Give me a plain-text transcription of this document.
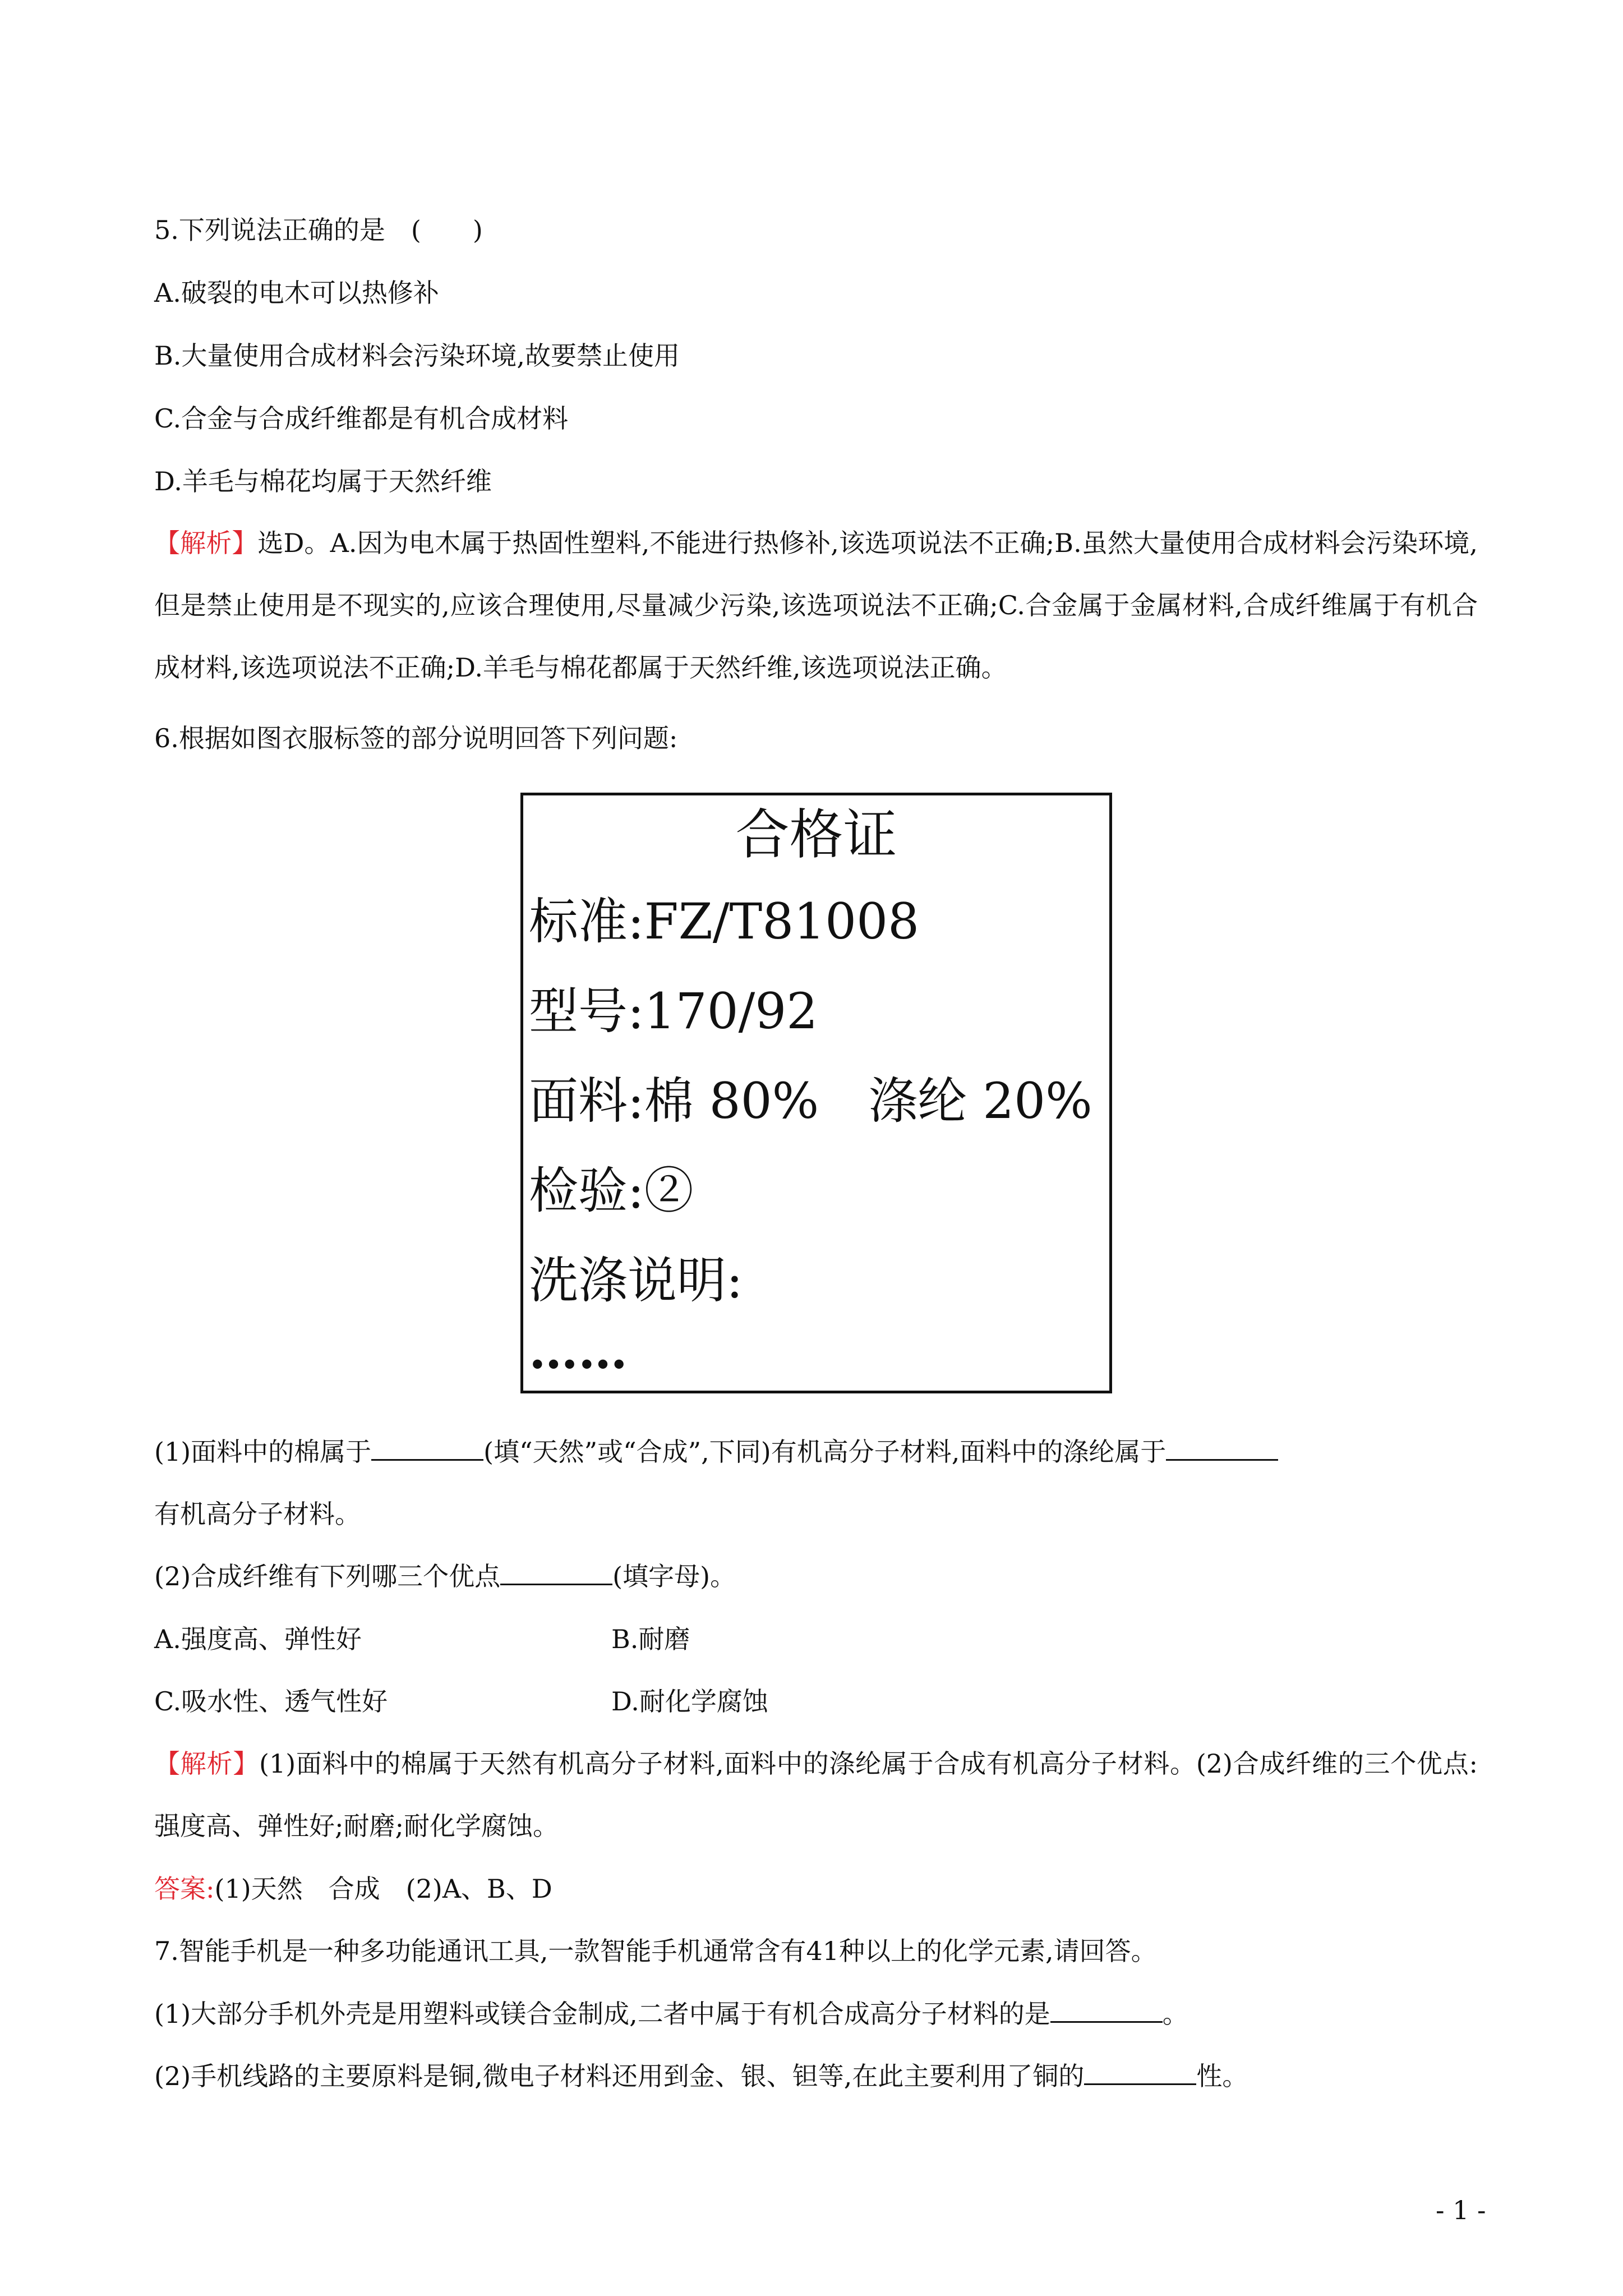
5.下列说法正确的是　(　　)
A.破裂的电木可以热修补
B.大量使用合成材料会污染环境,故要禁止使用
C.合金与合成纤维都是有机合成材料
D.羊毛与棉花均属于天然纤维
【解析】选D。A.因为电木属于热固性塑料,不能进行热修补,该选项说法不正确;B.虽然大量使用合成材料会污染环境,但是禁止使用是不现实的,应该合理使用,尽量减少污染,该选项说法不正确;C.合金属于金属材料,合成纤维属于有机合成材料,该选项说法不正确;D.羊毛与棉花都属于天然纤维,该选项说法正确。
6.根据如图衣服标签的部分说明回答下列问题:
合格证
标准:FZ/T81008
型号:170/92
面料:棉 80%　涤纶 20%
检验:②
洗涤说明:
……
(1)面料中的棉属于	(填“天然”或“合成”,下同)有机高分子材料,面料中的涤纶属于
有机高分子材料。
(2)合成纤维有下列哪三个优点	(填字母)。
A.强度高、弹性好	B.耐磨
C.吸水性、透气性好	D.耐化学腐蚀
【解析】(1)面料中的棉属于天然有机高分子材料,面料中的涤纶属于合成有机高分子材料。(2)合成纤维的三个优点:强度高、弹性好;耐磨;耐化学腐蚀。
答案:(1)天然　合成　(2)A、B、D
7.智能手机是一种多功能通讯工具,一款智能手机通常含有41种以上的化学元素,请回答。
(1)大部分手机外壳是用塑料或镁合金制成,二者中属于有机合成高分子材料的是	。
(2)手机线路的主要原料是铜,微电子材料还用到金、银、钽等,在此主要利用了铜的	性。
- 1 -
